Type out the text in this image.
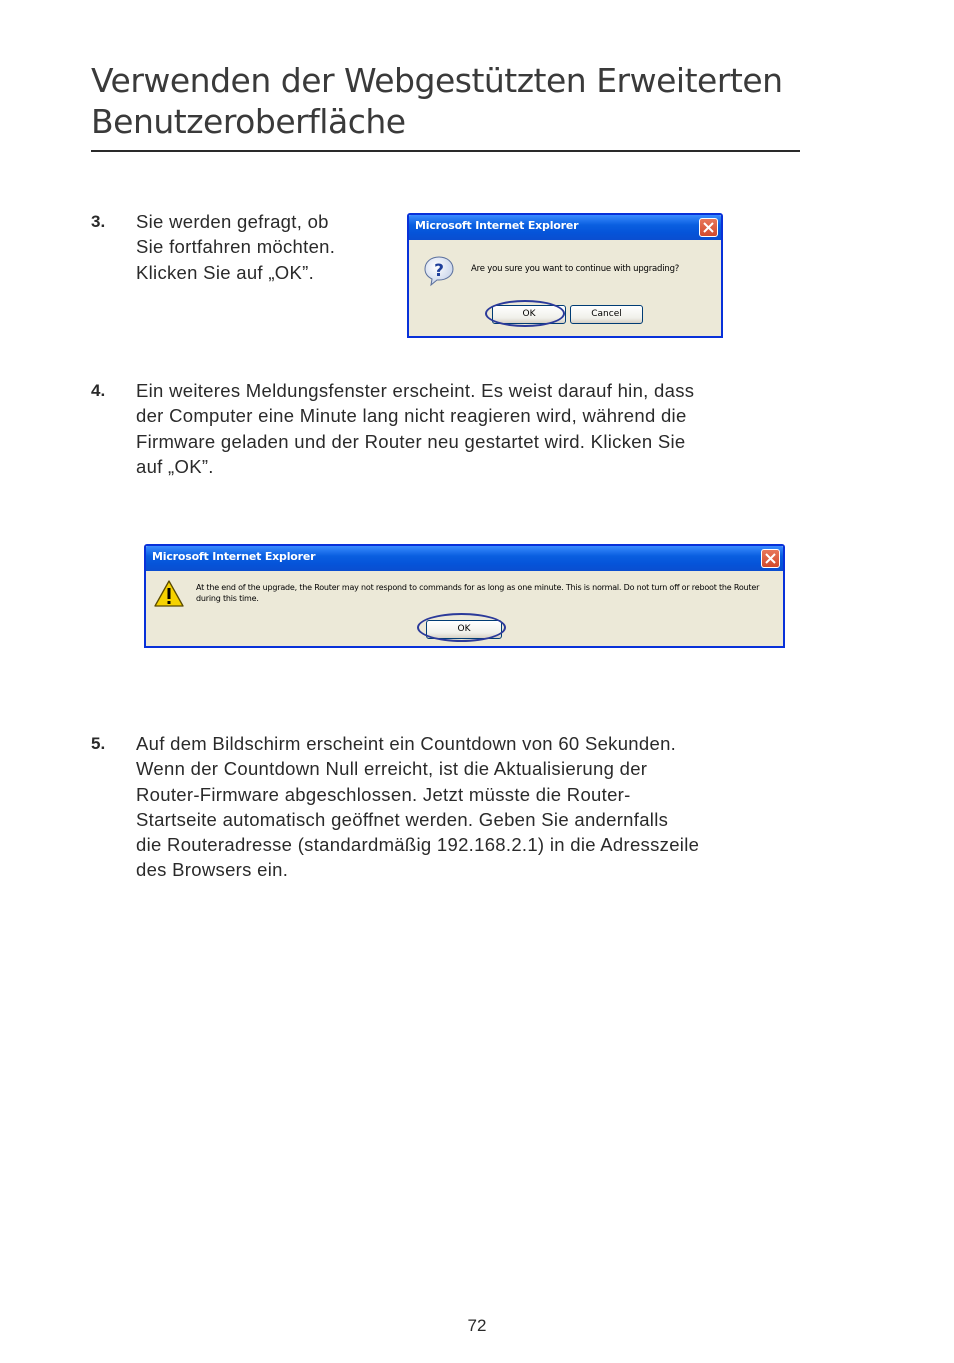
Verwenden der Webgestützten Erweiterten
Benutzeroberfläche
3. Sie werden gefragt, ob
Sie fortfahren möchten.
Klicken Sie auf „OK”.
Microsoft Internet Explorer
?	Are you sure you want to continue with upgrading?
OK	Cancel
4. Ein weiteres Meldungsfenster erscheint. Es weist darauf hin, dass
der Computer eine Minute lang nicht reagieren wird, während die
Firmware geladen und der Router neu gestartet wird. Klicken Sie
auf „OK”.
Microsoft Internet Explorer
At the end of the upgrade, the Router may not respond to commands for as long as one minute. This is normal. Do not turn off or reboot the Router
during this time.
OK
5. Auf dem Bildschirm erscheint ein Countdown von 60 Sekunden.
Wenn der Countdown Null erreicht, ist die Aktualisierung der
Router-Firmware abgeschlossen. Jetzt müsste die Router-
Startseite automatisch geöffnet werden. Geben Sie andernfalls
die Routeradresse (standardmäßig 192.168.2.1) in die Adresszeile
des Browsers ein.
72
